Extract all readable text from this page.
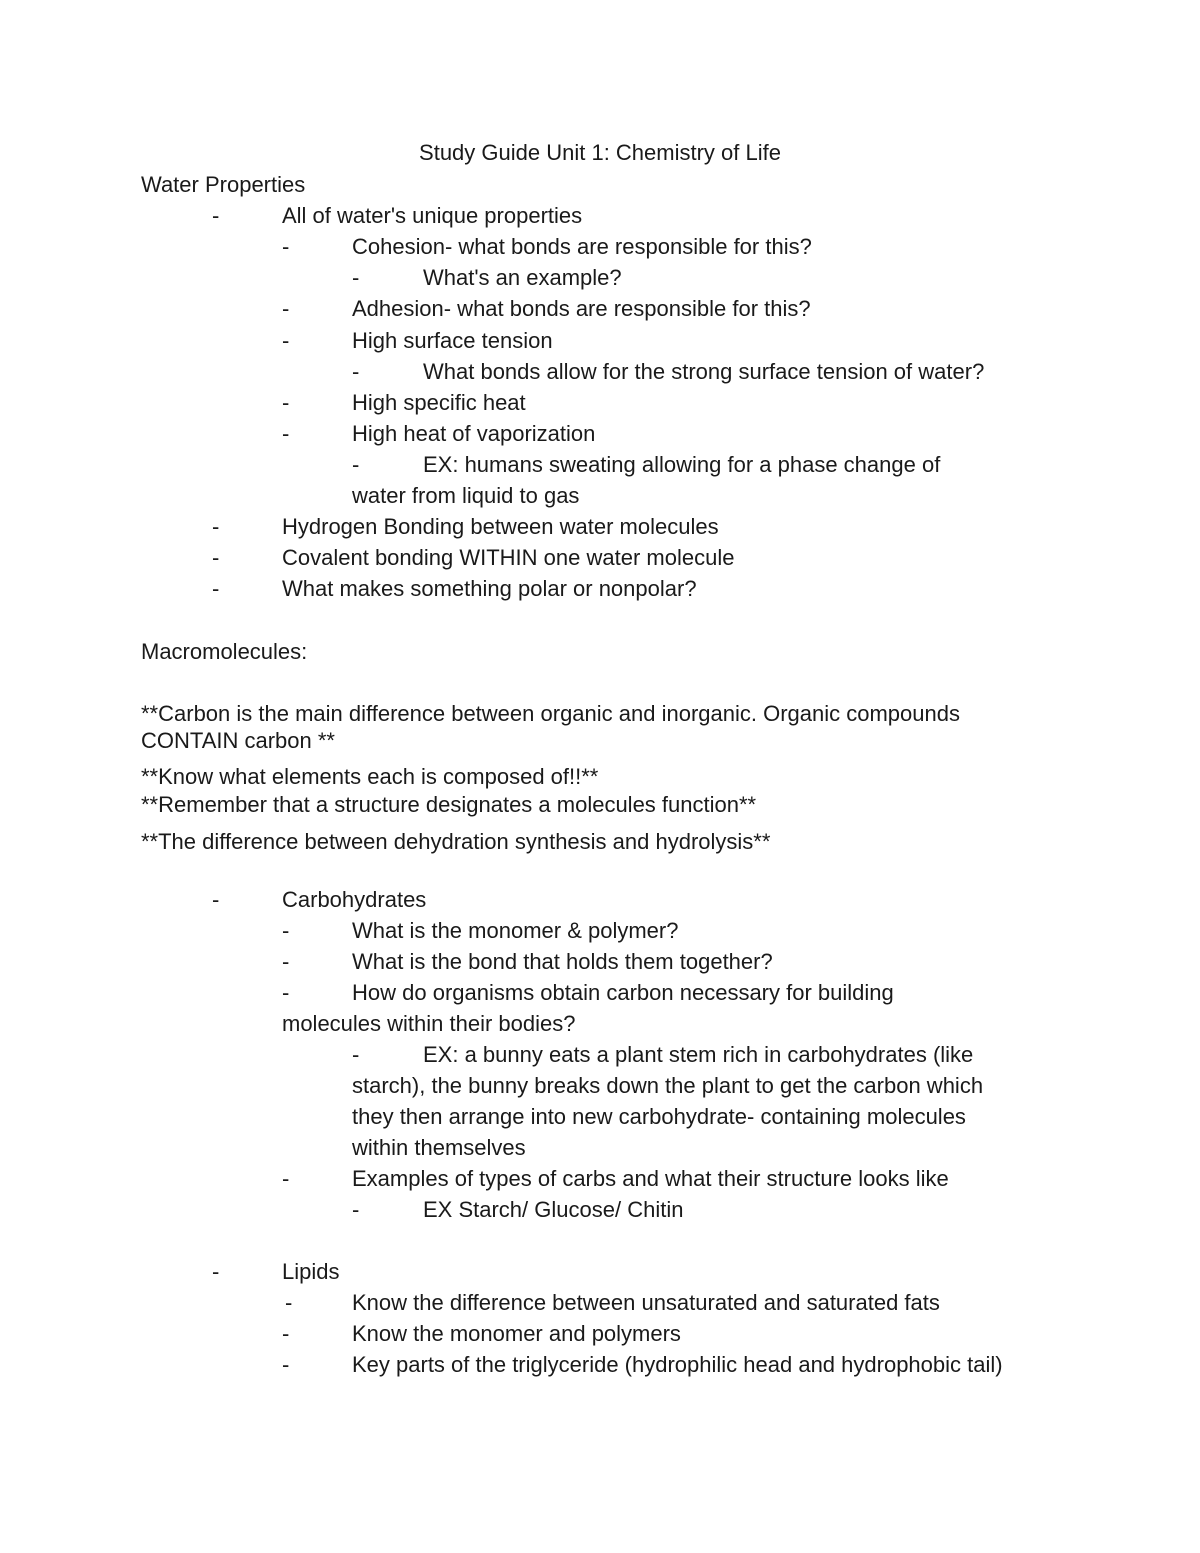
Study Guide Unit 1: Chemistry of Life
Water Properties
-	All of water's unique properties
-	Cohesion- what bonds are responsible for this?
-	What's an example?
-	Adhesion- what bonds are responsible for this?
-	High surface tension
-	What bonds allow for the strong surface tension of water?
-	High specific heat
-	High heat of vaporization
-	EX: humans sweating allowing for a phase change of
water from liquid to gas
-	Hydrogen Bonding between water molecules
-	Covalent bonding WITHIN one water molecule
-	What makes something polar or nonpolar?
Macromolecules:
**Carbon is the main difference between organic and inorganic. Organic compounds
CONTAIN carbon **
**Know what elements each is composed of!!**
**Remember that a structure designates a molecules function**
**The difference between dehydration synthesis and hydrolysis**
-	Carbohydrates
-	What is the monomer & polymer?
-	What is the bond that holds them together?
-	How do organisms obtain carbon necessary for building
molecules within their bodies?
-	EX: a bunny eats a plant stem rich in carbohydrates (like
starch), the bunny breaks down the plant to get the carbon which
they then arrange into new carbohydrate- containing molecules
within themselves
-	Examples of types of carbs and what their structure looks like
-	EX Starch/ Glucose/ Chitin
-	Lipids
-	Know the difference between unsaturated and saturated fats
-	Know the monomer and polymers
-	Key parts of the triglyceride (hydrophilic head and hydrophobic tail)
